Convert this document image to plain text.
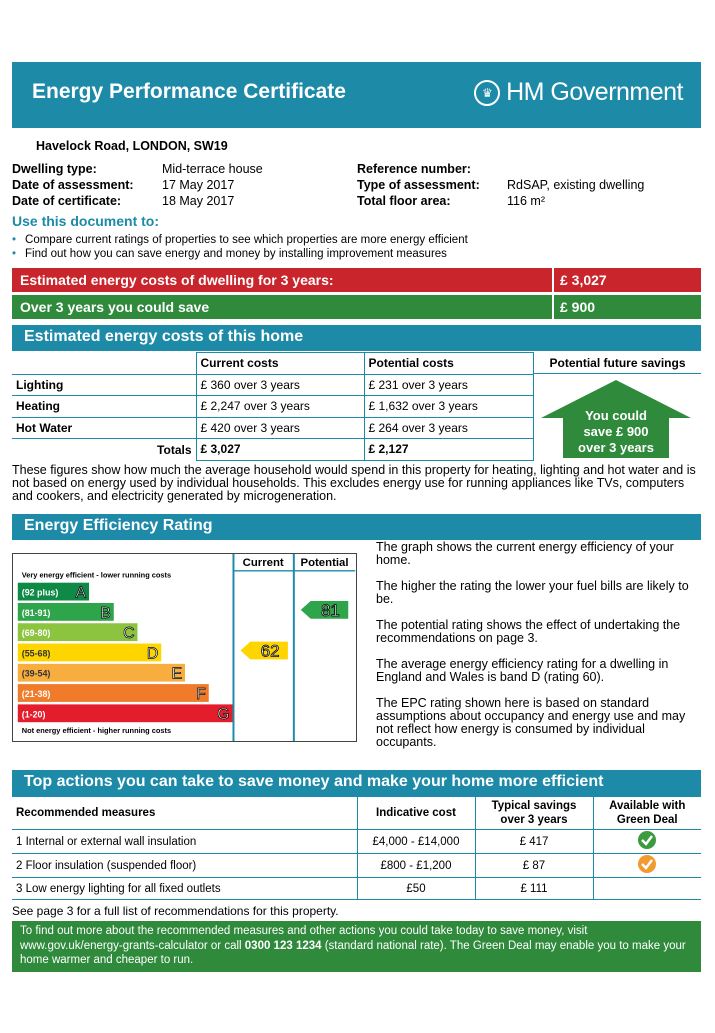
Energy Performance Certificate	♛ HM Government
Havelock Road, LONDON, SW19
Dwelling type:	Mid-terrace house
Date of assessment: 17 May 2017
Date of certificate:	18 May 2017
Reference number:
Type of assessment: RdSAP, existing dwelling
Total floor area:	116 m²
Use this document to:
• Compare current ratings of properties to see which properties are more energy efficient
• Find out how you can save energy and money by installing improvement measures
Estimated energy costs of dwelling for 3 years:	£ 3,027
Over 3 years you could save	£ 900
Estimated energy costs of this home
	Current costs	Potential costs
Lighting	£ 360 over 3 years	£ 231 over 3 years
Heating	£ 2,247 over 3 years	£ 1,632 over 3 years
Hot Water	£ 420 over 3 years	£ 264 over 3 years
Totals	£ 3,027	£ 2,127
Potential future savings
You could
save £ 900
over 3 years
These figures show how much the average household would spend in this property for heating, lighting and hot water and is not based on energy used by individual households. This excludes energy use for running appliances like TVs, computers and cookers, and electricity generated by microgeneration.
Energy Efficiency Rating
Current Potential
Very energy efficient - lower running costs
Not energy efficient - higher running costs
(92 plus) A
(81-91)	B
(69-80)	C
(55-68)	D
(39-54)	E
(21-38)	F
(1-20)	G
62
81

The graph shows the current energy efficiency of your home.

The higher the rating the lower your fuel bills are likely to be.

The potential rating shows the effect of undertaking the recommendations on page 3.

The average energy efficiency rating for a dwelling in England and Wales is band D (rating 60).

The EPC rating shown here is based on standard assumptions about occupancy and energy use and may not reflect how energy is consumed by individual occupants.

Top actions you can take to save money and make your home more efficient
Recommended measures	Indicative cost	Typical savings
over 3 years	Available with
Green Deal
1 Internal or external wall insulation	£4,000 - £14,000	£ 417	
2 Floor insulation (suspended floor)	£800 - £1,200	£ 87	
3 Low energy lighting for all fixed outlets	£50	£ 111	
See page 3 for a full list of recommendations for this property.
To find out more about the recommended measures and other actions you could take today to save money, visit www.gov.uk/energy-grants-calculator or call 0300 123 1234 (standard national rate). The Green Deal may enable you to make your home warmer and cheaper to run.
